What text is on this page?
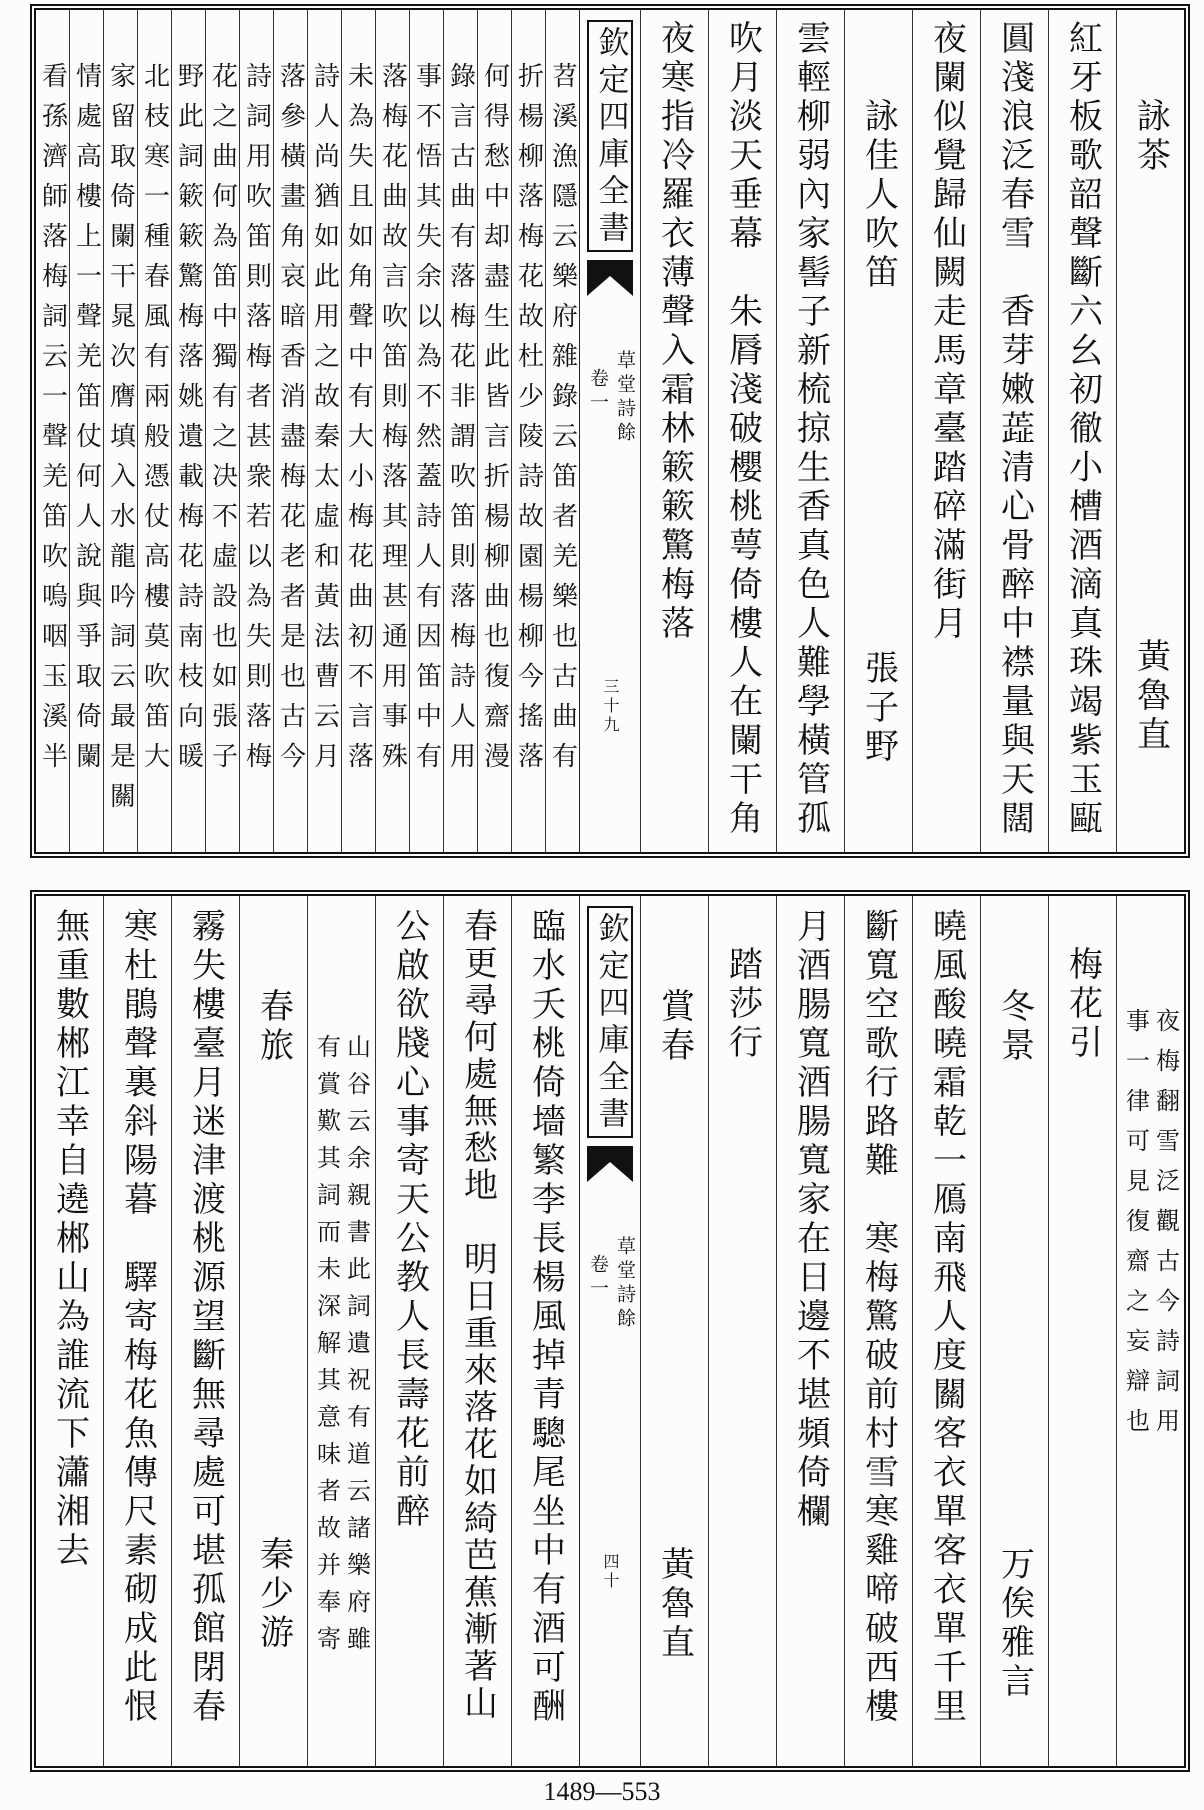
詠茶
黃魯直
紅牙板歌韶聲斷六幺初徹小槽酒滴真珠竭紫玉甌
圓淺浪泛春雪　香芽嫩蕋清心骨醉中襟量與天闊
夜闌似覺歸仙闕走馬章臺踏碎滿街月
詠佳人吹笛
張子野
雲輕柳弱內家髻子新梳掠生香真色人難學橫管孤
吹月淡天垂幕　朱脣淺破櫻桃萼倚樓人在闌干角
夜寒指冷羅衣薄聲入霜林簌簌驚梅落
欽定四庫全書
草堂詩餘
卷一
三十九
苕溪漁隱云樂府雜錄云笛者羌樂也古曲有
折楊柳落梅花故杜少陵詩故園楊柳今搖落
何得愁中却盡生此皆言折楊柳曲也復齋漫
錄言古曲有落梅花非謂吹笛則落梅詩人用
事不悟其失余以為不然蓋詩人有因笛中有
落梅花曲故言吹笛則梅落其理甚通用事殊
未為失且如角聲中有大小梅花曲初不言落
詩人尚猶如此用之故秦太虛和黃法曹云月
落參橫畫角哀暗香消盡梅花老者是也古今
詩詞用吹笛則落梅者甚衆若以為失則落梅
花之曲何為笛中獨有之决不虛設也如張子
野此詞簌簌驚梅落姚遺載梅花詩南枝向暖
北枝寒一種春風有兩般憑仗高樓莫吹笛大
家留取倚闌干晁次膺填入水龍吟詞云最是關
情處高樓上一聲羌笛仗何人說與爭取倚闌
看孫濟師落梅詞云一聲羌笛吹嗚咽玉溪半
夜梅翻雪泛觀古今詩詞用
事一律可見復齋之妄辯也
梅花引
冬景
万俟雅言
曉風酸曉霜乾一鴈南飛人度關客衣單客衣單千里
斷寬空歌行路難　寒梅驚破前村雪寒雞啼破西樓
月酒腸寬酒腸寬家在日邊不堪頻倚欄
踏莎行
賞春
黃魯直
欽定四庫全書
草堂詩餘
卷一
四十
臨水夭桃倚墻繁李長楊風掉青驄尾坐中有酒可酬
春更尋何處無愁地　明日重來落花如綺芭蕉漸著山
公啟欲牋心事寄天公教人長壽花前醉
山谷云余親書此詞遺祝有道云諸樂府雖
有賞歎其詞而未深解其意味者故并奉寄
春旅
秦少游
霧失樓臺月迷津渡桃源望斷無尋處可堪孤館閉春
寒杜鵑聲裏斜陽暮　驛寄梅花魚傳尺素砌成此恨
無重數郴江幸自遶郴山為誰流下瀟湘去
1489—553
